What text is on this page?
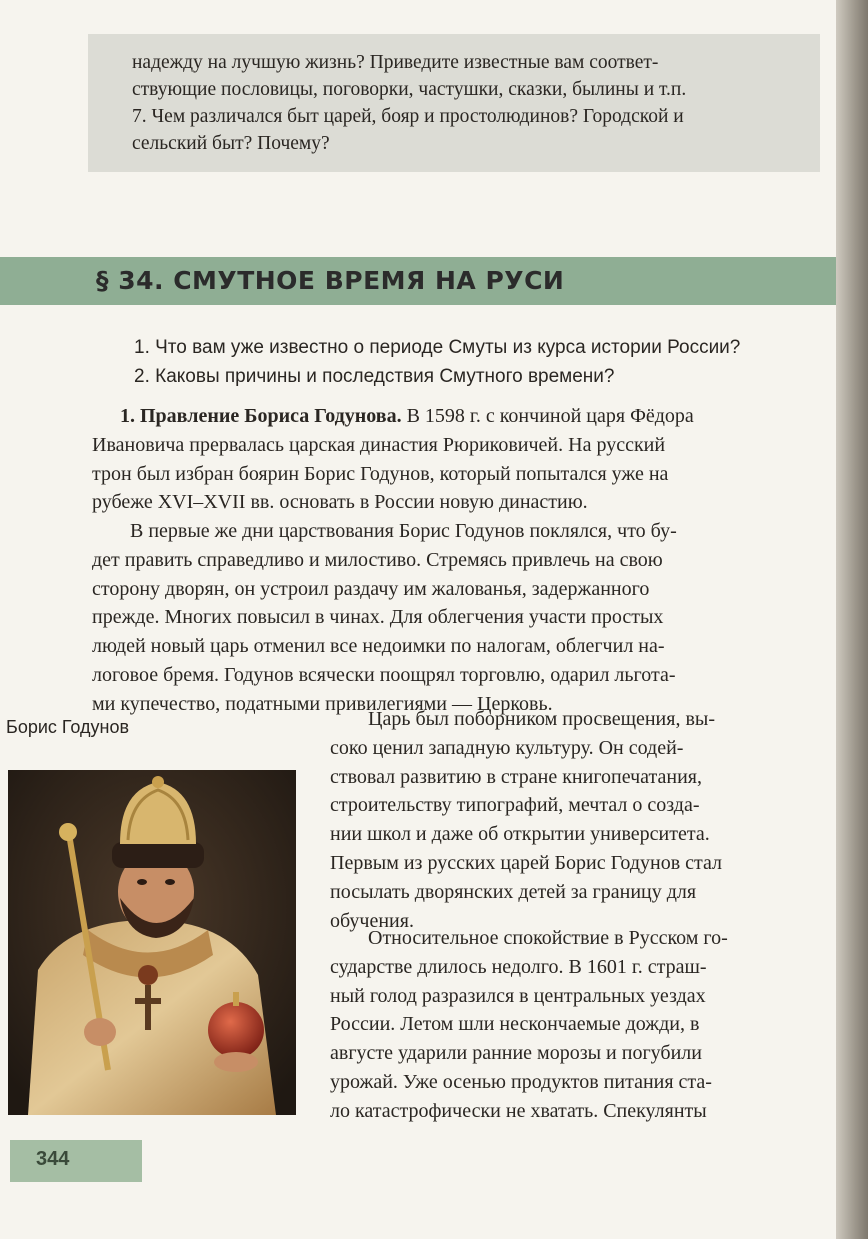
надежду на лучшую жизнь? Приведите известные вам соответ-
ствующие пословицы, поговорки, частушки, сказки, былины и т.п.
7. Чем различался быт царей, бояр и простолюдинов? Городской и
сельский быт? Почему?
§ 34. СМУТНОЕ ВРЕМЯ НА РУСИ
1. Что вам уже известно о периоде Смуты из курса истории России?
2. Каковы причины и последствия Смутного времени?
1. Правление Бориса Годунова. В 1598 г. с кончиной царя Фёдора
Ивановича прервалась царская династия Рюриковичей. На русский
трон был избран боярин Борис Годунов, который попытался уже на
рубеже XVI–XVII вв. основать в России новую династию.
В первые же дни царствования Борис Годунов поклялся, что бу-
дет править справедливо и милостиво. Стремясь привлечь на свою
сторону дворян, он устроил раздачу им жалованья, задержанного
прежде. Многих повысил в чинах. Для облегчения участи простых
людей новый царь отменил все недоимки по налогам, облегчил на-
логовое бремя. Годунов всячески поощрял торговлю, одарил льгота-
ми купечество, податными привилегиями — Церковь.
Царь был поборником просвещения, вы-
соко ценил западную культуру. Он содей-
ствовал развитию в стране книгопечатания,
строительству типографий, мечтал о созда-
нии школ и даже об открытии университета.
Первым из русских царей Борис Годунов стал
посылать дворянских детей за границу для
обучения.
Относительное спокойствие в Русском го-
сударстве длилось недолго. В 1601 г. страш-
ный голод разразился в центральных уездах
России. Летом шли нескончаемые дожди, в
августе ударили ранние морозы и погубили
урожай. Уже осенью продуктов питания ста-
ло катастрофически не хватать. Спекулянты
Борис Годунов
344
